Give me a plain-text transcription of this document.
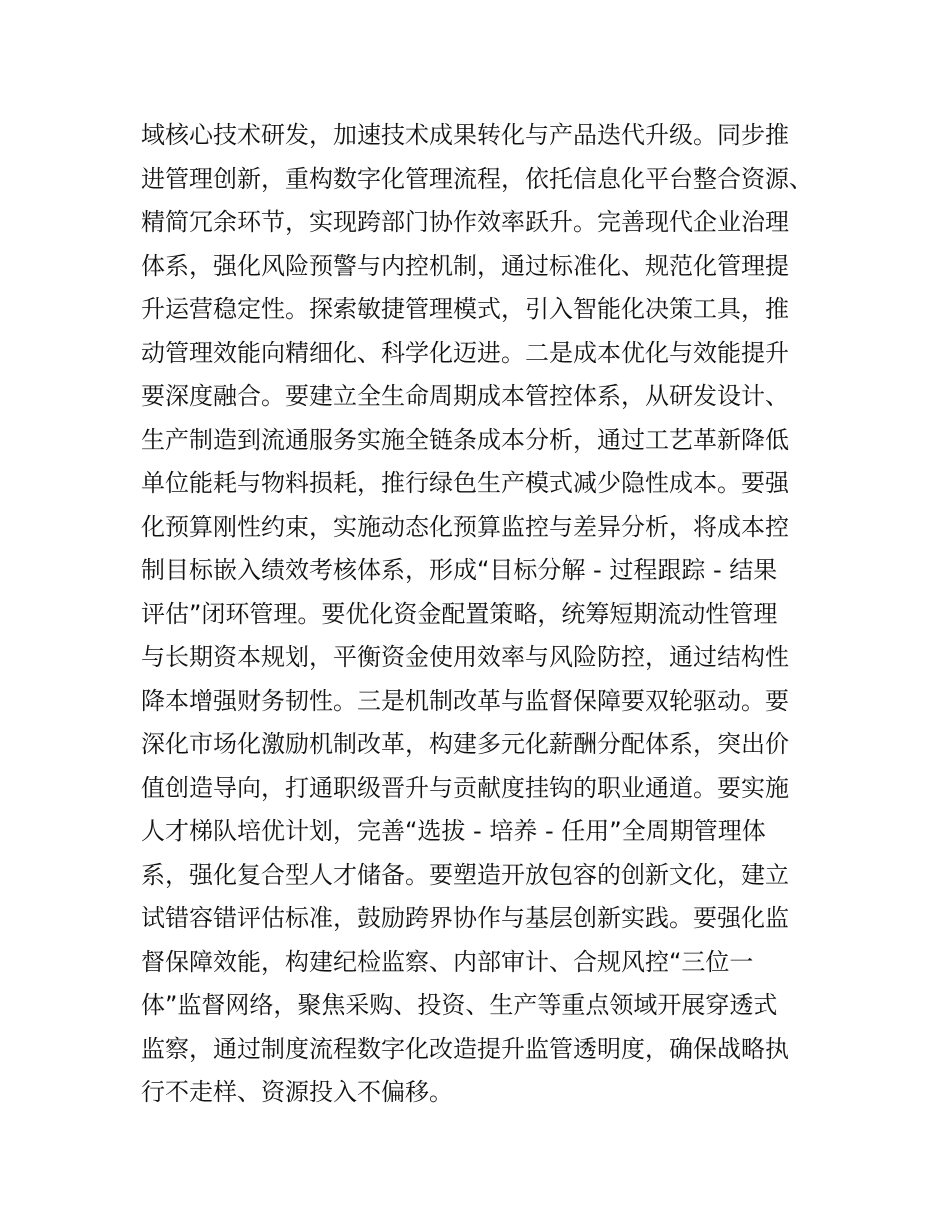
域核心技术研发，加速技术成果转化与产品迭代升级。同步推
进管理创新，重构数字化管理流程，依托信息化平台整合资源、
精简冗余环节，实现跨部门协作效率跃升。完善现代企业治理
体系，强化风险预警与内控机制，通过标准化、规范化管理提
升运营稳定性。探索敏捷管理模式，引入智能化决策工具，推
动管理效能向精细化、科学化迈进。二是成本优化与效能提升
要深度融合。要建立全生命周期成本管控体系，从研发设计、
生产制造到流通服务实施全链条成本分析，通过工艺革新降低
单位能耗与物料损耗，推行绿色生产模式减少隐性成本。要强
化预算刚性约束，实施动态化预算监控与差异分析，将成本控
制目标嵌入绩效考核体系，形成“目标分解 - 过程跟踪 - 结果
评估”闭环管理。要优化资金配置策略，统筹短期流动性管理
与长期资本规划，平衡资金使用效率与风险防控，通过结构性
降本增强财务韧性。三是机制改革与监督保障要双轮驱动。要
深化市场化激励机制改革，构建多元化薪酬分配体系，突出价
值创造导向，打通职级晋升与贡献度挂钩的职业通道。要实施
人才梯队培优计划，完善“选拔 - 培养 - 任用”全周期管理体
系，强化复合型人才储备。要塑造开放包容的创新文化，建立
试错容错评估标准，鼓励跨界协作与基层创新实践。要强化监
督保障效能，构建纪检监察、内部审计、合规风控“三位一
体”监督网络，聚焦采购、投资、生产等重点领域开展穿透式
监察，通过制度流程数字化改造提升监管透明度，确保战略执
行不走样、资源投入不偏移。
